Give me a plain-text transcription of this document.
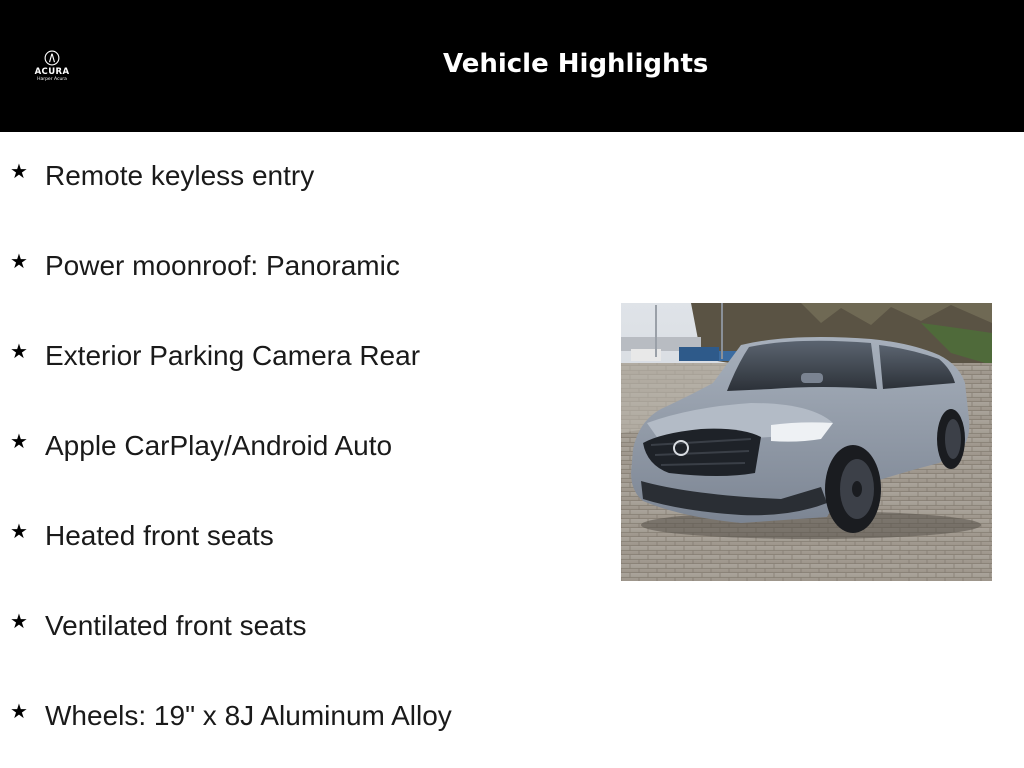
ACURA
Harper Acura
Vehicle Highlights
★ Remote keyless entry
★ Power moonroof: Panoramic
★ Exterior Parking Camera Rear
★ Apple CarPlay/Android Auto
★ Heated front seats
★ Ventilated front seats
★ Wheels: 19" x 8J Aluminum Alloy
